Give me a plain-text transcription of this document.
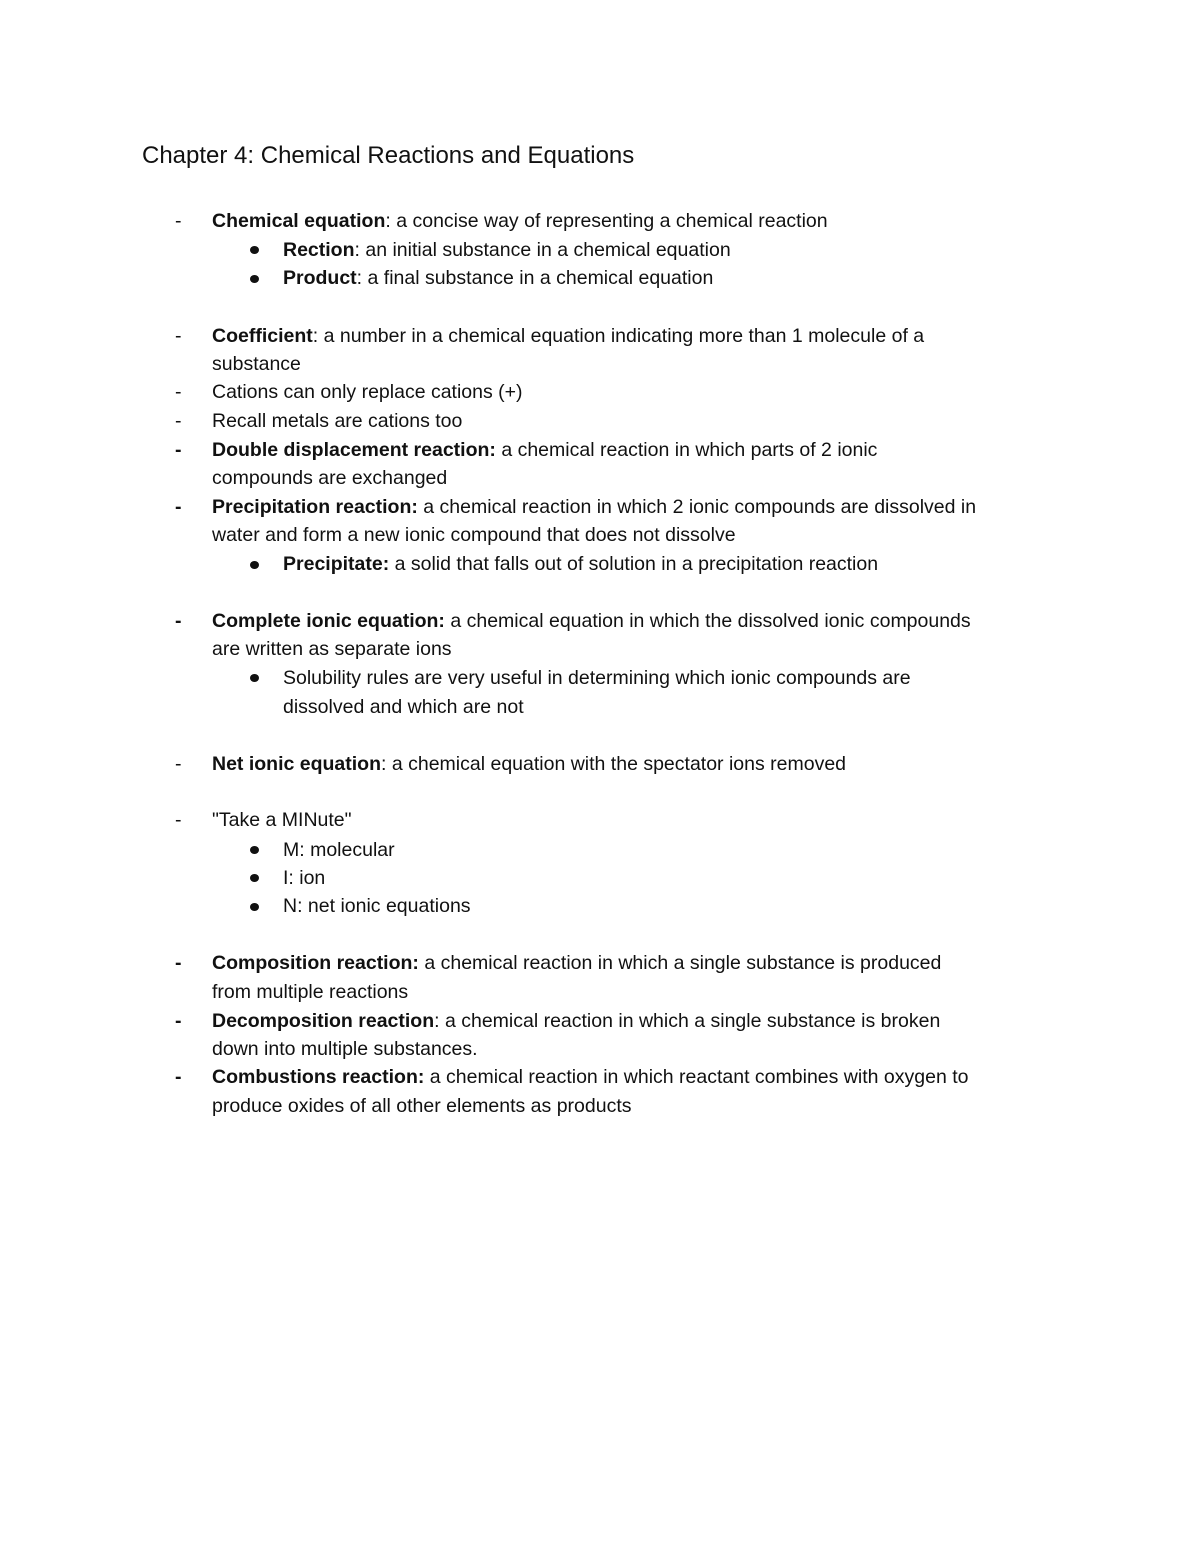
Chapter 4: Chemical Reactions and Equations
- Chemical equation: a concise way of representing a chemical reaction
Rection: an initial substance in a chemical equation
Product: a final substance in a chemical equation
- Coefficient: a number in a chemical equation indicating more than 1 molecule of a
substance
- Cations can only replace cations (+)
- Recall metals are cations too
- Double displacement reaction: a chemical reaction in which parts of 2 ionic
compounds are exchanged
- Precipitation reaction: a chemical reaction in which 2 ionic compounds are dissolved in
water and form a new ionic compound that does not dissolve
Precipitate: a solid that falls out of solution in a precipitation reaction
- Complete ionic equation: a chemical equation in which the dissolved ionic compounds
are written as separate ions
Solubility rules are very useful in determining which ionic compounds are
dissolved and which are not
- Net ionic equation: a chemical equation with the spectator ions removed
- "Take a MINute"
M: molecular
I: ion
N: net ionic equations
- Composition reaction: a chemical reaction in which a single substance is produced
from multiple reactions
- Decomposition reaction: a chemical reaction in which a single substance is broken
down into multiple substances.
- Combustions reaction: a chemical reaction in which reactant combines with oxygen to
produce oxides of all other elements as products
